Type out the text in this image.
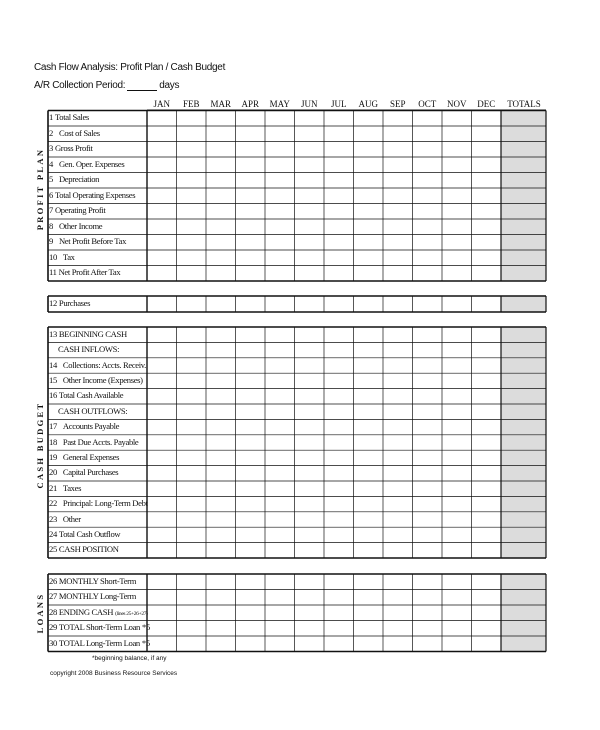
Cash Flow Analysis: Profit Plan / Cash Budget
A/R Collection Period:	days
JAN	FEB	MAR	APR	MAY	JUN	JUL	AUG	SEP	OCT	NOV	DEC	TOTALS
1 Total Sales
2 Cost of Sales
3 Gross Profit
4 Gen. Oper. Expenses
5 Depreciation
6 Total Operating Expenses
7 Operating Profit
8 Other Income
9 Net Profit Before Tax
10 Tax
11 Net Profit After Tax
12 Purchases
13 BEGINNING CASH
CASH INFLOWS:
14 Collections: Accts. Receiv.
15 Other Income (Expenses)
16 Total Cash Available
CASH OUTFLOWS:
17 Accounts Payable
18 Past Due Accts. Payable
19 General Expenses
20 Capital Purchases
21 Taxes
22 Principal: Long-Term Debt
23 Other
24 Total Cash Outflow
25 CASH POSITION
26 MONTHLY Short-Term
27 MONTHLY Long-Term
28 ENDING CASH (lines 25+26+27)
29 TOTAL Short-Term Loan *5
30 TOTAL Long-Term Loan *5
PROFIT PLAN
CASH BUDGET
LOANS
*beginning balance, if any
copyright 2008 Business Resource Services
